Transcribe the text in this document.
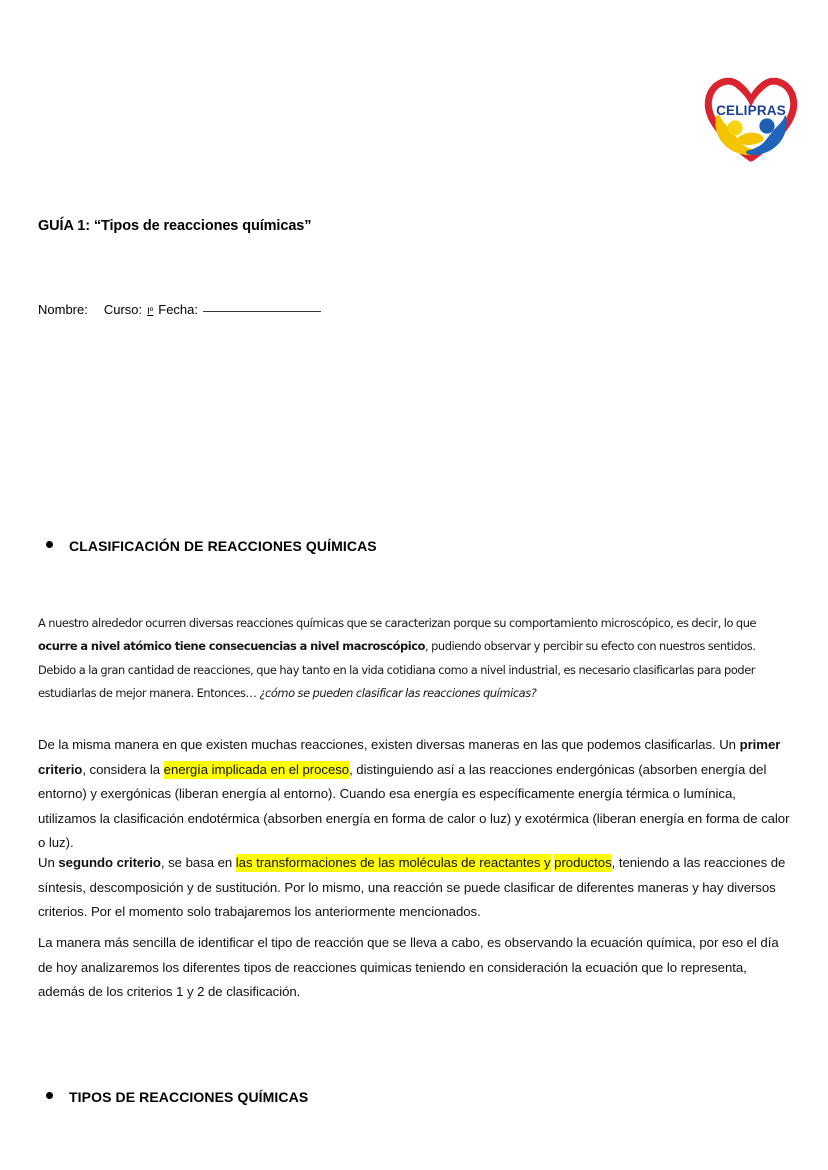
CELIPRAS
GUÍA 1: “Tipos de reacciones químicas”
Nombre: Curso: Iº Fecha:
CLASIFICACIÓN DE REACCIONES QUÍMICAS
A nuestro alrededor ocurren diversas reacciones químicas que se caracterizan porque su comportamiento microscópico, es decir, lo que ocurre a nivel atómico tiene consecuencias a nivel macroscópico, pudiendo observar y percibir su efecto con nuestros sentidos. Debido a la gran cantidad de reacciones, que hay tanto en la vida cotidiana como a nivel industrial, es necesario clasificarlas para poder estudiarlas de mejor manera. Entonces… ¿cómo se pueden clasificar las reacciones químicas?
De la misma manera en que existen muchas reacciones, existen diversas maneras en las que podemos clasificarlas. Un primer criterio, considera la energía implicada en el proceso, distinguiendo así a las reacciones endergónicas (absorben energía del entorno) y exergónicas (liberan energía al entorno). Cuando esa energía es específicamente energía térmica o lumínica, utilizamos la clasificación endotérmica (absorben energía en forma de calor o luz) y exotérmica (liberan energía en forma de calor o luz).
Un segundo criterio, se basa en las transformaciones de las moléculas de reactantes y productos, teniendo a las reacciones de síntesis, descomposición y de sustitución. Por lo mismo, una reacción se puede clasificar de diferentes maneras y hay diversos criterios. Por el momento solo trabajaremos los anteriormente mencionados.
La manera más sencilla de identificar el tipo de reacción que se lleva a cabo, es observando la ecuación química, por eso el día de hoy analizaremos los diferentes tipos de reacciones quimicas teniendo en consideración la ecuación que lo representa, además de los criterios 1 y 2 de clasificación.
TIPOS DE REACCIONES QUÍMICAS
